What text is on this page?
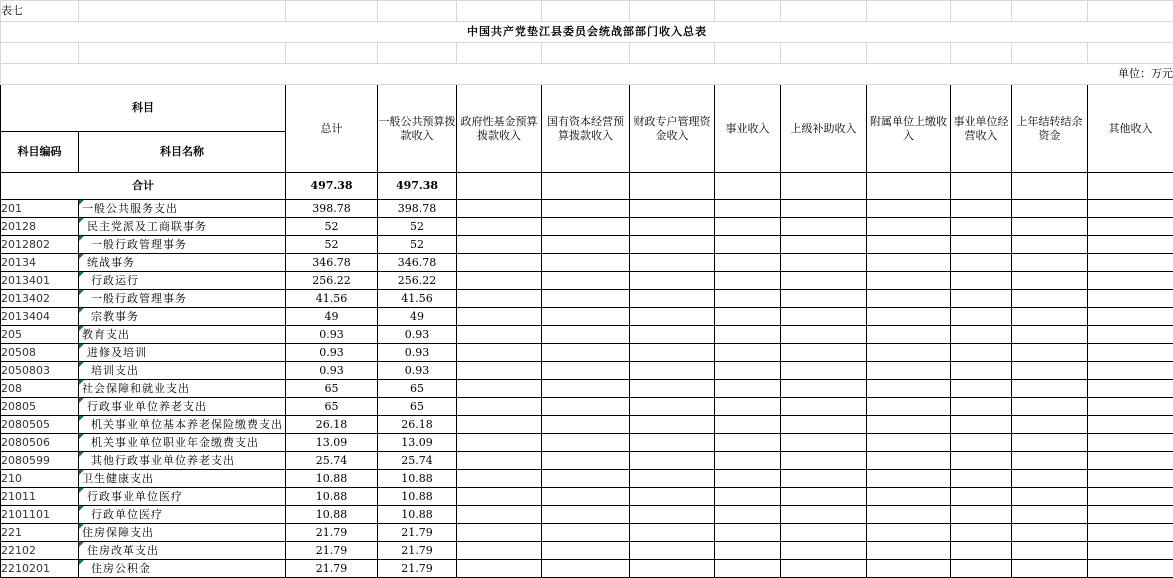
表七												
中国共产党垫江县委员会统战部部门收入总表												

单位：万元												
科目		总计	一般公共预算拨款收入	政府性基金预算拨款收入	国有资本经营预算拨款收入	财政专户管理资金收入	事业收入	上级补助收入	附属单位上缴收入	事业单位经营收入	上年结转结余资金	其他收入
科目编码	科目名称											
合计		497.38	497.38									
201	一般公共服务支出	398.78	398.78									
20128	民主党派及工商联事务	52	52									
2012802	一般行政管理事务	52	52									
20134	统战事务	346.78	346.78									
2013401	行政运行	256.22	256.22									
2013402	一般行政管理事务	41.56	41.56									
2013404	宗教事务	49	49									
205	教育支出	0.93	0.93									
20508	进修及培训	0.93	0.93									
2050803	培训支出	0.93	0.93									
208	社会保障和就业支出	65	65									
20805	行政事业单位养老支出	65	65									
2080505	机关事业单位基本养老保险缴费支出	26.18	26.18									
2080506	机关事业单位职业年金缴费支出	13.09	13.09									
2080599	其他行政事业单位养老支出	25.74	25.74									
210	卫生健康支出	10.88	10.88									
21011	行政事业单位医疗	10.88	10.88									
2101101	行政单位医疗	10.88	10.88									
221	住房保障支出	21.79	21.79									
22102	住房改革支出	21.79	21.79									
2210201	住房公积金	21.79	21.79									
